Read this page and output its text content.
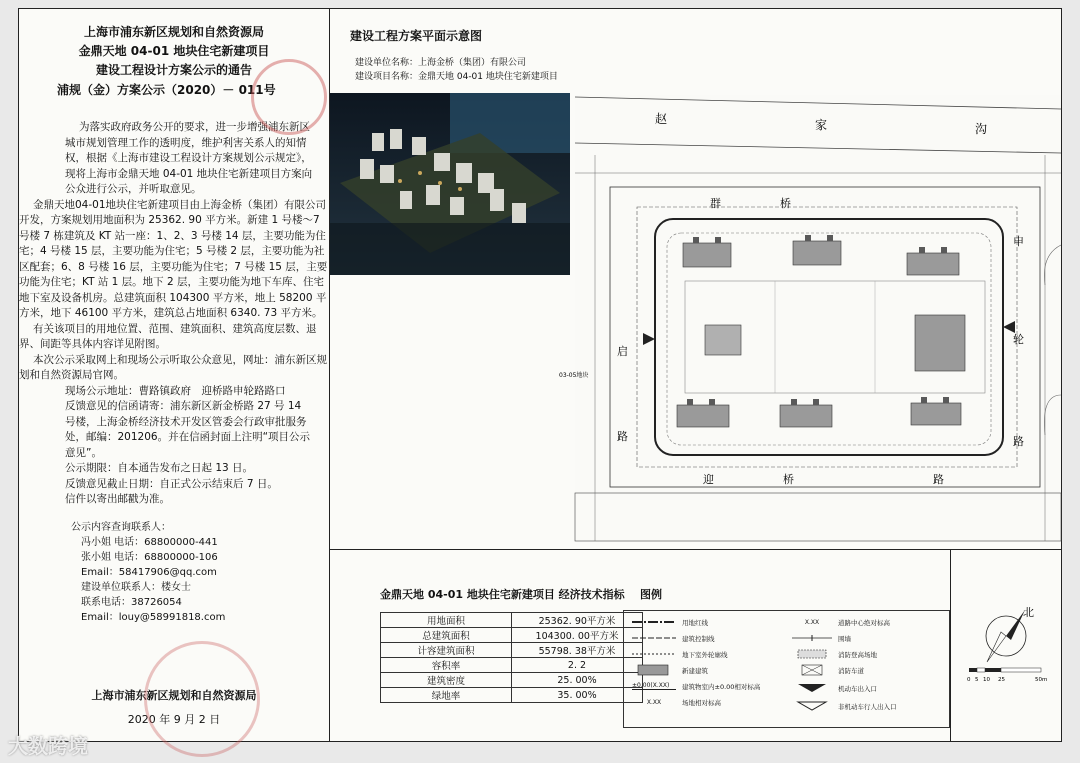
上海市浦东新区规划和自然资源局
金鼎天地 04-01 地块住宅新建项目
建设工程设计方案公示的通告
浦规（金）方案公示（2020）－ 011号

为落实政府政务公开的要求，进一步增强浦东新区城市规划管理工作的透明度，维护利害关系人的知情权，根据《上海市建设工程设计方案规划公示规定》，现将上海市金鼎天地 04-01 地块住宅新建项目方案向公众进行公示，并听取意见。

金鼎天地04-01地块住宅新建项目由上海金桥（集团）有限公司开发，方案规划用地面积为 25362. 90 平方米。新建 1 号楼～7 号楼 7 栋建筑及 KT 站一座：1、2、3 号楼 14 层，主要功能为住宅；4 号楼 15 层，主要功能为住宅；5 号楼 2 层，主要功能为社区配套；6、8 号楼 16 层，主要功能为住宅；7 号楼 15 层，主要功能为住宅；KT 站 1 层。地下 2 层，主要功能为地下车库、住宅地下室及设备机房。总建筑面积 104300 平方米，地上 58200 平方米，地下 46100 平方米，建筑总占地面积 6340. 73 平方米。

有关该项目的用地位置、范围、建筑面积、建筑高度层数、退界、间距等具体内容详见附图。

本次公示采取网上和现场公示听取公众意见，网址：浦东新区规划和自然资源局官网。

现场公示地址：曹路镇政府　迎桥路申轮路路口

反馈意见的信函请寄：浦东新区新金桥路 27 号 14 号楼，上海金桥经济技术开发区管委会行政审批服务处，邮编：201206。并在信函封面上注明“项目公示意见”。

公示期限：自本通告发布之日起 13 日。

反馈意见截止日期：自正式公示结束后 7 日。

信件以寄出邮戳为准。

公示内容查询联系人：
冯小姐 电话：68800000-441
张小姐 电话：68800000-106
Email：58417906@qq.com
建设单位联系人：楼女士
联系电话：38726054
Email：louy@58991818.com
上海市浦东新区规划和自然资源局
2020 年 9 月 2 日
建设工程方案平面示意图
建设单位名称：上海金桥（集团）有限公司
建设项目名称：金鼎天地 04-01 地块住宅新建项目
赵	家	沟
群	桥
迎	桥	路
启
路
申
轮
路
03-05地块
金鼎天地 04-01 地块住宅新建项目 经济技术指标 图例
用地面积	25362. 90平方米
总建筑面积	104300. 00平方米
计容建筑面积	55798. 38平方米
容积率	2. 2
建筑密度	25. 00%
绿地率	35. 00%
用地红线
建筑控制线
地下室外轮廓线
新建建筑
±0.00(X.XX)	建筑物室内±0.00相对标高
X.XX	场地相对标高
X.XX	道路中心绝对标高
围墙
消防登高场地
消防车道
机动车出入口
非机动车行人出入口
北
0 5 10 25	50m
大数跨境
